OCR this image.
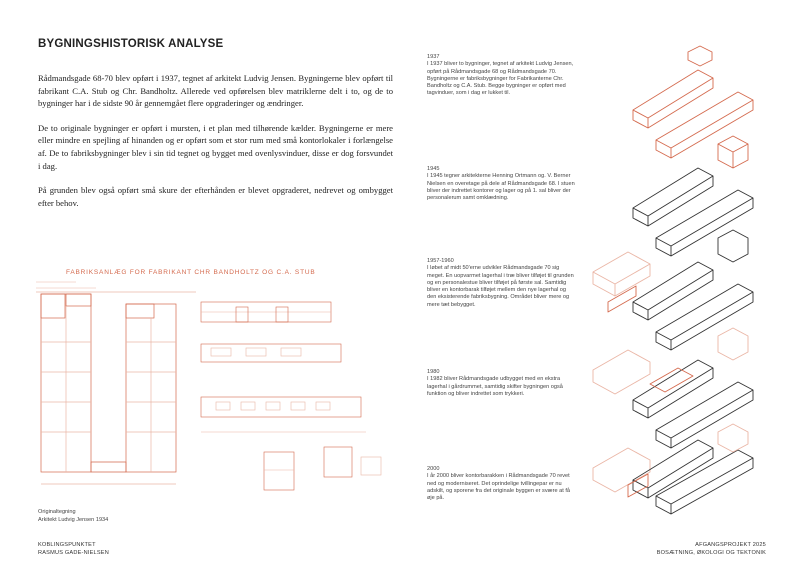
BYGNINGSHISTORISK ANALYSE

Rådmandsgade 68-70 blev opført i 1937, tegnet af arkitekt Ludvig Jensen. Bygningerne blev opført til fabrikant C.A. Stub og Chr. Bandholtz. Allerede ved opførelsen blev matriklerne delt i to, og de to bygninger har i de sidste 90 år gennemgået flere opgraderinger og ændringer.

De to originale bygninger er opført i mursten, i et plan med tilhørende kælder. Bygningerne er mere eller mindre en spejling af hinanden og er opført som et stor rum med små kontorlokaler i forlængelse af. De to fabriksbygninger blev i sin tid tegnet og bygget med ovenlysvinduer, disse er dog forsvundet i dag.

På grunden blev også opført små skure der efterhånden er blevet opgraderet, nedrevet og ombygget efter behov.

FABRIKSANLÆG FOR FABRIKANT CHR BANDHOLTZ OG C.A. STUB
Originaltegning
Arkitekt Ludvig Jensen 1934
1937
I 1937 bliver to bygninger, tegnet af arkitekt Ludvig Jensen, opført på Rådmandsgade 68 og Rådmandsgade 70. Bygningerne er fabriksbygninger for Fabrikanterne Chr. Bandholtz og C.A. Stub. Begge bygninger er opført med tagvinduer, som i dag er lukket til.
1945
I 1945 tegner arkitekterne Henning Ortmann og. V. Berner Nielsen en overetage på dele af Rådmandsgade 68. I stuen bliver der indrettet kontorer og lager og på 1. sal bliver der personalerum samt omklædning.
1957-1960
I løbet af midt 50'erne udvikler Rådmandsgade 70 sig meget. En uopvarmet lagerhal i træ bliver tilføjet til grunden og en personalestue bliver tilføjet på første sal. Samtidig bliver en kontorbarak tilføjet mellem den nye lagerhal og den eksisterende fabriksbygning. Området bliver mere og mere tæt bebygget.
1980
I 1982 bliver Rådmandsgade udbygget med en ekstra lagerhal i gårdrummet, samtidig skifter bygningen også funktion og bliver indrettet som trykkeri.
2000
I år 2000 bliver kontorbarakken i Rådmandsgade 70 revet ned og moderniseret. Det oprindelige tvillingepar er nu adskilt, og sporene fra det originale byggen er svære at få øje på.
KOBLINGSPUNKTET
RASMUS GADE-NIELSEN
AFGANGSPROJEKT 2025
BOSÆTNING, ØKOLOGI OG TEKTONIK
